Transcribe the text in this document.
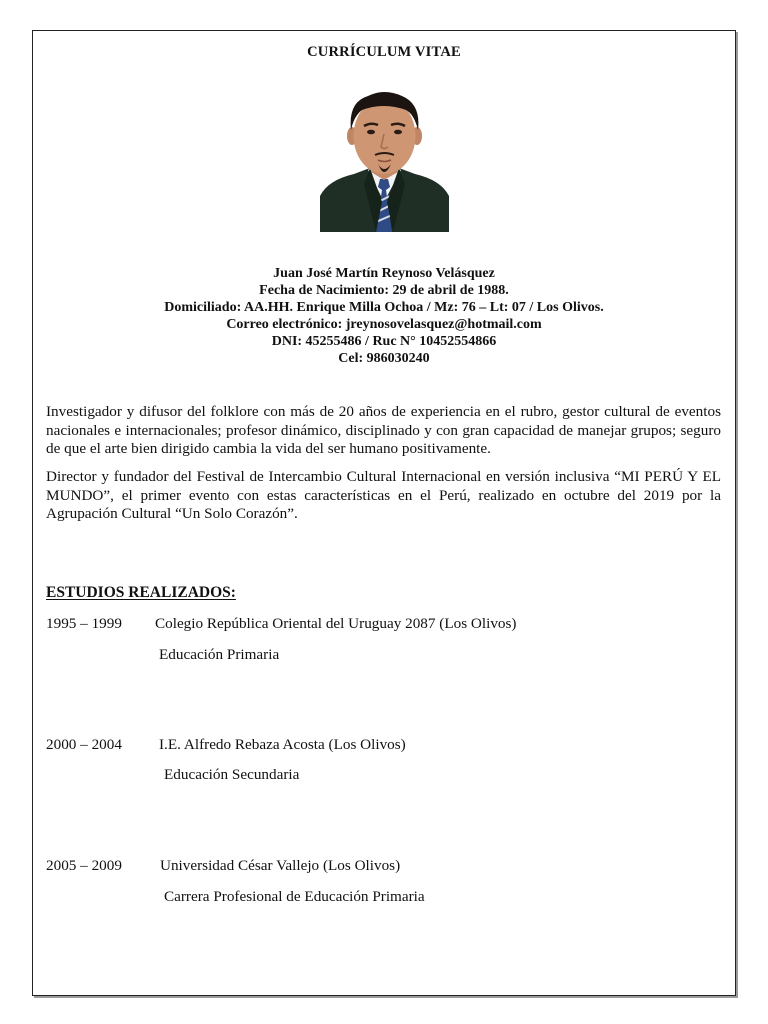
CURRÍCULUM VITAE
Juan José Martín Reynoso Velásquez
Fecha de Nacimiento: 29 de abril de 1988.
Domiciliado: AA.HH. Enrique Milla Ochoa / Mz: 76 – Lt: 07 / Los Olivos.
Correo electrónico: jreynosovelasquez@hotmail.com
DNI: 45255486 / Ruc N° 10452554866
Cel: 986030240
Investigador y difusor del folklore con más de 20 años de experiencia en el rubro, gestor cultural de eventos nacionales e internacionales; profesor dinámico, disciplinado y con gran capacidad de manejar grupos; seguro de que el arte bien dirigido cambia la vida del ser humano positivamente.
Director y fundador del Festival de Intercambio Cultural Internacional en versión inclusiva “MI PERÚ Y EL MUNDO”, el primer evento con estas características en el Perú, realizado en octubre del 2019 por la Agrupación Cultural “Un Solo Corazón”.
ESTUDIOS REALIZADOS:
1995 – 1999 Colegio República Oriental del Uruguay 2087 (Los Olivos)
Educación Primaria
2000 – 2004 I.E. Alfredo Rebaza Acosta (Los Olivos)
Educación Secundaria
2005 – 2009	Universidad César Vallejo (Los Olivos)
Carrera Profesional de Educación Primaria
